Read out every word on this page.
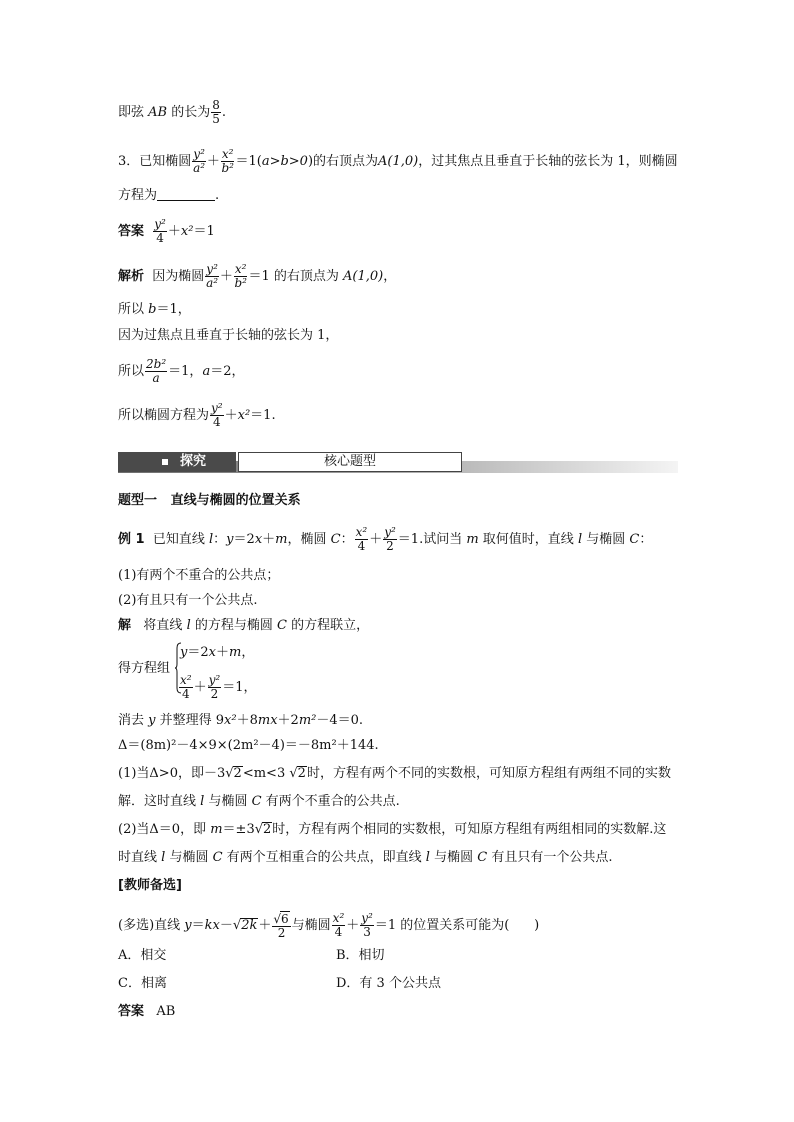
即弦 AB 的长为 $\frac{8}{5}$ .
3．已知椭圆 $\frac{\text{y²}}{\text{a²}} + \frac{\text{x²}}{\text{b²}} =1(a>b>0)$的右顶点为A(1,0)，过其焦点且垂直于长轴的弦长为 1，则椭圆
方程为	.
答案 $\frac{\text{y²}}{4} +x^2=1$
解析 因为椭圆 $\frac{\text{y²}}{\text{a²}} + \frac{\text{x²}}{\text{b²}} =1$ 的右顶点为 A(1,0)，
所以 b＝1，
因为过焦点且垂直于长轴的弦长为 1，
所以 $\frac{\text{2b²}}{a} =1$，a＝2，
所以椭圆方程为 $\frac{\text{y²}}{4} +x^2=1$.
探究	核心题型
题型一 直线与椭圆的位置关系
例 1 已知直线 l：y＝2x＋m，椭圆 C： $\frac{\text{x²}}{4} + \frac{\text{y²}}{2} =1$.试问当 m 取何值时，直线 l 与椭圆 C：
(1)有两个不重合的公共点；
(2)有且只有一个公共点.
解 将直线 l 的方程与椭圆 C 的方程联立，
得方程组
y＝2x＋m，
$\frac{\text{x²}}{4} + \frac{\text{y²}}{2} =1$，
消去 y 并整理得 9x²＋8mx＋2m²－4＝0.
Δ＝(8m)²－4×9×(2m²－4)＝－8m²＋144.
(1)当Δ>0，即－3√2<m<3 √2时，方程有两个不同的实数根，可知原方程组有两组不同的实数
解．这时直线 l 与椭圆 C 有两个不重合的公共点.
(2)当Δ＝0，即 m＝±3√2时，方程有两个相同的实数根，可知原方程组有两组相同的实数解.这
时直线 l 与椭圆 C 有两个互相重合的公共点，即直线 l 与椭圆 C 有且只有一个公共点.
[教师备选]
(多选)直线 $y=kx-√2k+ \frac{√6}{2}$ 与椭圆 $\frac{\text{x²}}{4} + \frac{\text{y²}}{3} =1$ 的位置关系可能为( )
A．相交	B．相切
C．相离	D．有 3 个公共点
答案 AB
